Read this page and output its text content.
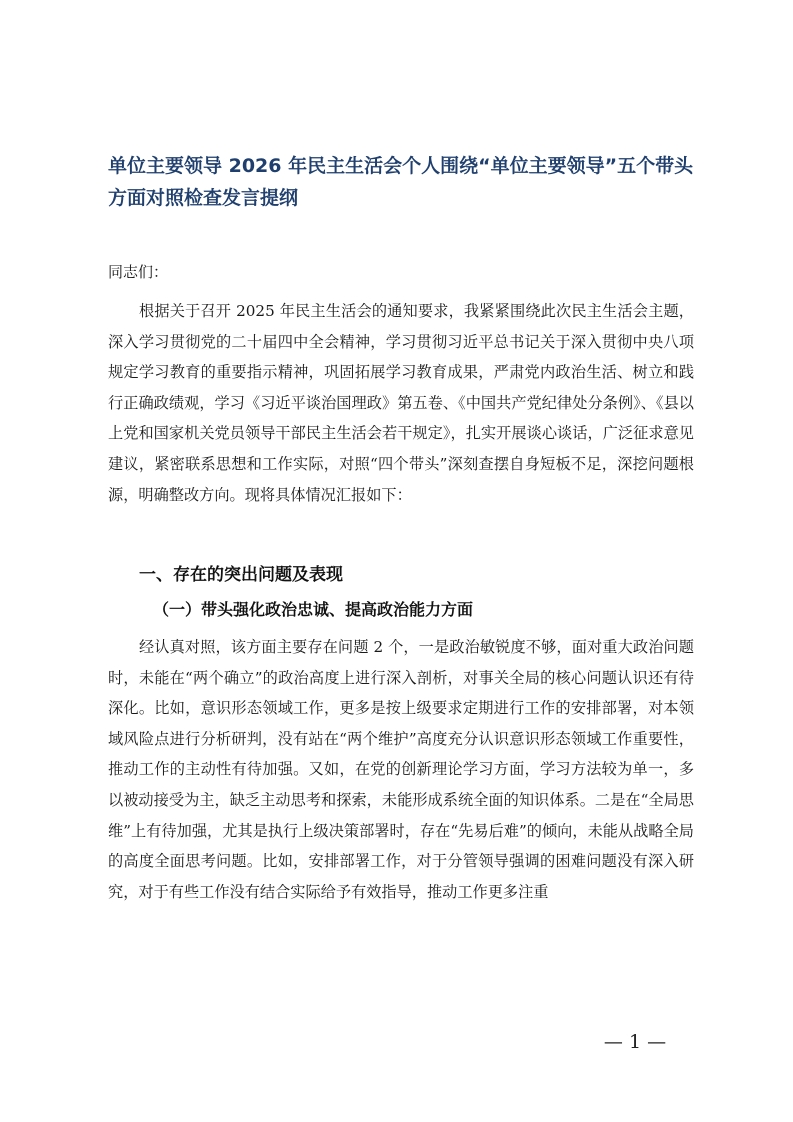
单位主要领导 2026 年民主生活会个人围绕“单位主要领导”五个带头方面对照检查发言提纲

同志们：

根据关于召开 2025 年民主生活会的通知要求，我紧紧围绕此次民主生活会主题，深入学习贯彻党的二十届四中全会精神，学习贯彻习近平总书记关于深入贯彻中央八项规定学习教育的重要指示精神，巩固拓展学习教育成果，严肃党内政治生活、树立和践行正确政绩观，学习《习近平谈治国理政》第五卷、《中国共产党纪律处分条例》、《县以上党和国家机关党员领导干部民主生活会若干规定》，扎实开展谈心谈话，广泛征求意见建议，紧密联系思想和工作实际，对照“四个带头”深刻查摆自身短板不足，深挖问题根源，明确整改方向。现将具体情况汇报如下：

一、存在的突出问题及表现
（一）带头强化政治忠诚、提高政治能力方面

经认真对照，该方面主要存在问题 2 个，一是政治敏锐度不够，面对重大政治问题时，未能在“两个确立”的政治高度上进行深入剖析，对事关全局的核心问题认识还有待深化。比如，意识形态领域工作，更多是按上级要求定期进行工作的安排部署，对本领域风险点进行分析研判，没有站在“两个维护”高度充分认识意识形态领域工作重要性，推动工作的主动性有待加强。又如，在党的创新理论学习方面，学习方法较为单一，多以被动接受为主，缺乏主动思考和探索，未能形成系统全面的知识体系。二是在“全局思维”上有待加强，尤其是执行上级决策部署时，存在“先易后难”的倾向，未能从战略全局的高度全面思考问题。比如，安排部署工作，对于分管领导强调的困难问题没有深入研究，对于有些工作没有结合实际给予有效指导，推动工作更多注重

— 1 —
